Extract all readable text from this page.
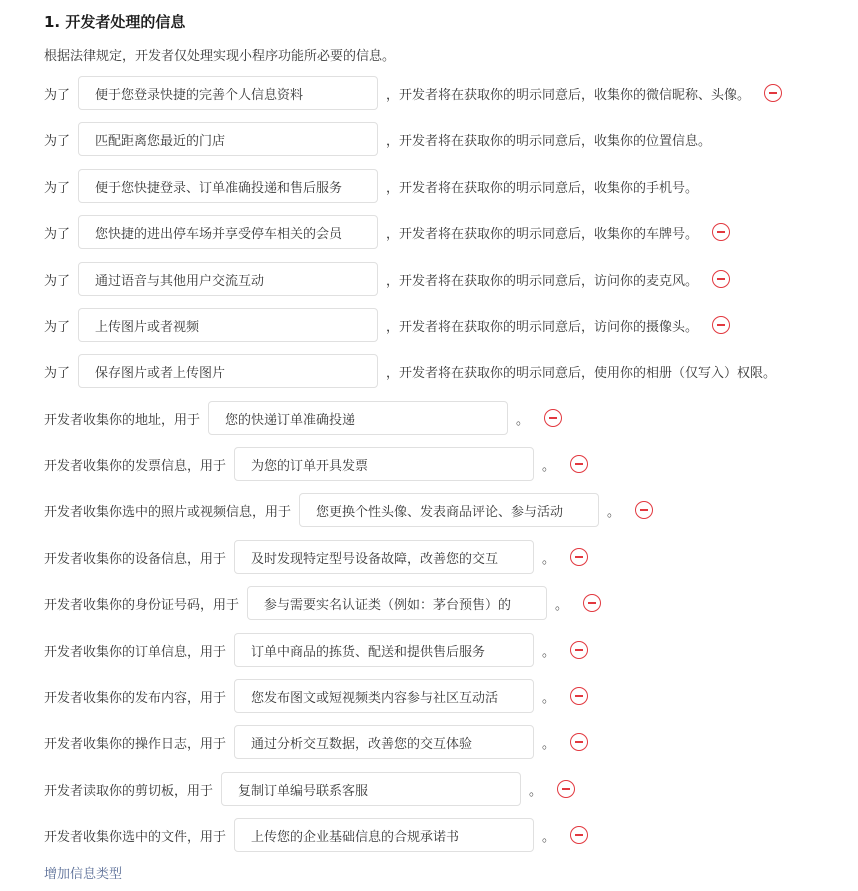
1. 开发者处理的信息
根据法律规定，开发者仅处理实现小程序功能所必要的信息。
为了	便于您登录快捷的完善个人信息资料	，开发者将在获取你的明示同意后，收集你的微信昵称、头像。
为了	匹配距离您最近的门店	，开发者将在获取你的明示同意后，收集你的位置信息。
为了	便于您快捷登录、订单准确投递和售后服务	，开发者将在获取你的明示同意后，收集你的手机号。
为了	您快捷的进出停车场并享受停车相关的会员	，开发者将在获取你的明示同意后，收集你的车牌号。
为了	通过语音与其他用户交流互动	，开发者将在获取你的明示同意后，访问你的麦克风。
为了	上传图片或者视频	，开发者将在获取你的明示同意后，访问你的摄像头。
为了	保存图片或者上传图片	，开发者将在获取你的明示同意后，使用你的相册（仅写入）权限。
开发者收集你的地址，用于	您的快递订单准确投递	。
开发者收集你的发票信息，用于	为您的订单开具发票	。
开发者收集你选中的照片或视频信息，用于	您更换个性头像、发表商品评论、参与活动	。
开发者收集你的设备信息，用于	及时发现特定型号设备故障，改善您的交互	。
开发者收集你的身份证号码，用于	参与需要实名认证类（例如：茅台预售）的	。
开发者收集你的订单信息，用于	订单中商品的拣货、配送和提供售后服务	。
开发者收集你的发布内容，用于	您发布图文或短视频类内容参与社区互动活	。
开发者收集你的操作日志，用于	通过分析交互数据，改善您的交互体验	。
开发者读取你的剪切板，用于	复制订单编号联系客服	。
开发者收集你选中的文件，用于	上传您的企业基础信息的合规承诺书	。
增加信息类型
